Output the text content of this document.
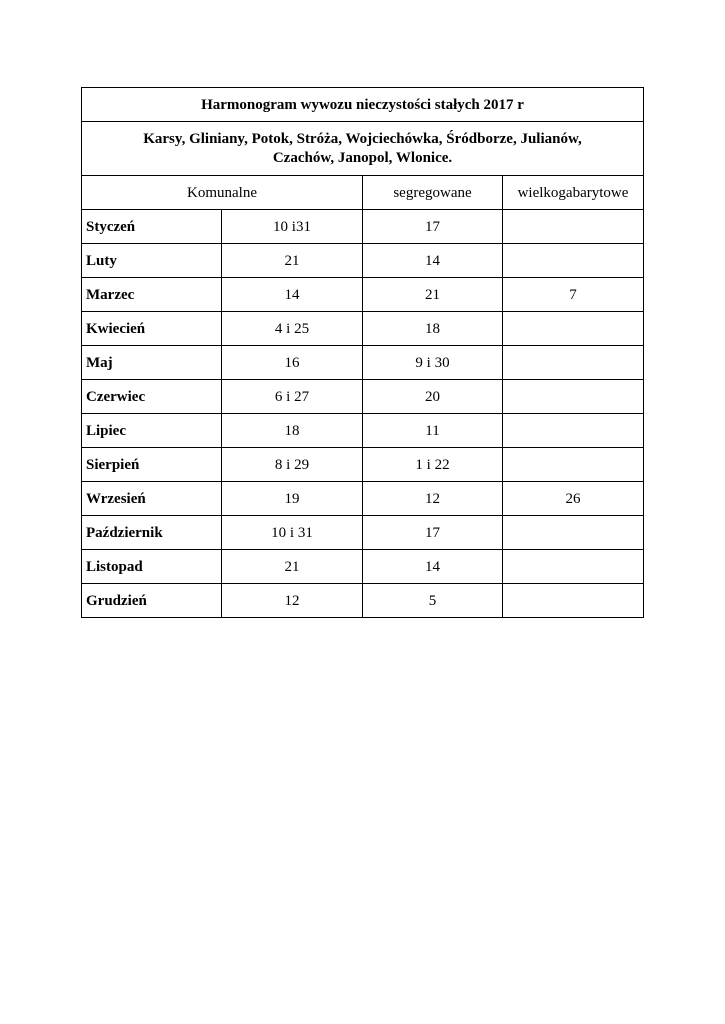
Harmonogram wywozu nieczystości stałych 2017 r			

Karsy, Gliniany, Potok, Stróża, Wojciechówka, Śródborze, Julianów,
Czachów, Janopol, Wlonice.			

Komunalne		segregowane	wielkogabarytowe
Styczeń	10 i31	17	
Luty	21	14	
Marzec	14	21	7
Kwiecień	4 i 25	18	
Maj	16	9 i 30	
Czerwiec	6 i 27	20	
Lipiec	18	11	
Sierpień	8 i 29	1 i 22	
Wrzesień	19	12	26
Październik	10 i 31	17	
Listopad	21	14	
Grudzień	12	5	
